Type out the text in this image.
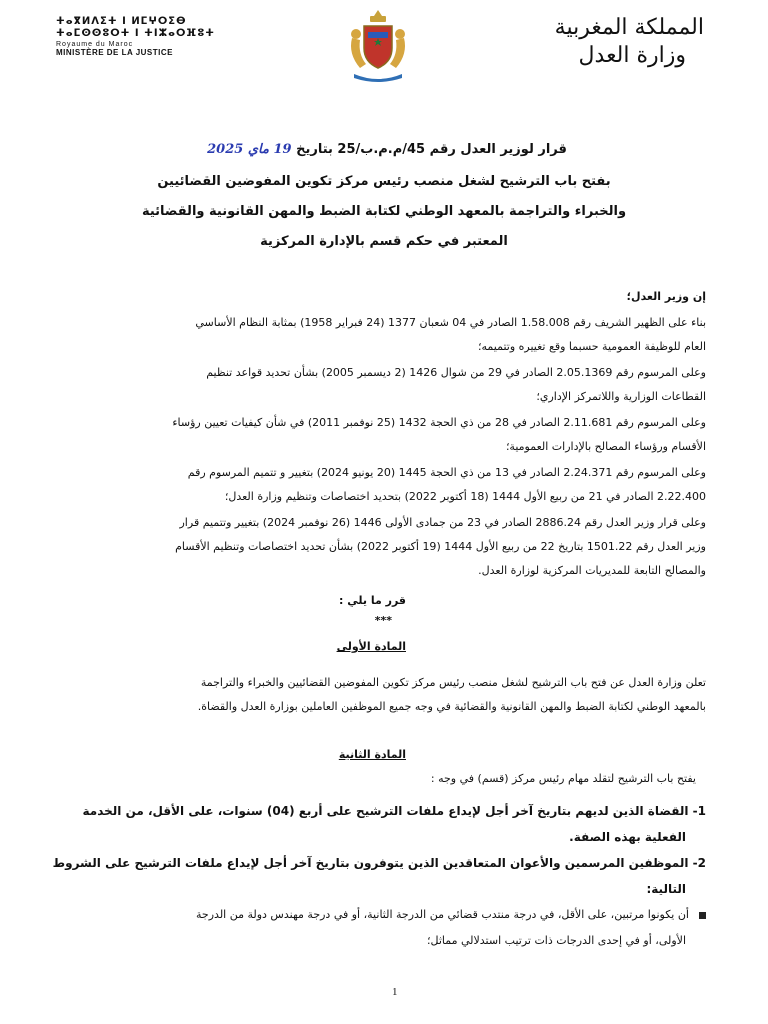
ⵜⴰⴳⵍⴷⵉⵜ ⵏ ⵍⵎⵖⵔⵉⴱ
ⵜⴰⵎⵙⵙⵓⵔⵜ ⵏ ⵜⵏⵣⴰⵔⴼⵓⵜ
Royaume du Maroc
MINISTÈRE DE LA JUSTICE
المملكة المغربية
وزارة العدل
قرار لوزير العدل رقم 45/م.م.ب/25 بتاريخ 19 ماي 2025
بفتح باب الترشيح لشغل منصب رئيس مركز تكوين المفوضين القضائيين
والخبراء والتراجمة بالمعهد الوطني لكتابة الضبط والمهن القانونية والقضائية
المعتبر في حكم قسم بالإدارة المركزية
إن وزير العدل؛
بناء على الظهير الشريف رقم 1.58.008 الصادر في 04 شعبان 1377 (24 فبراير 1958) بمثابة النظام الأساسي
العام للوظيفة العمومية حسبما وقع تغييره وتتميمه؛
وعلى المرسوم رقم 2.05.1369 الصادر في 29 من شوال 1426 (2 ديسمبر 2005) بشأن تحديد قواعد تنظيم
القطاعات الوزارية واللاتمركز الإداري؛
وعلى المرسوم رقم 2.11.681 الصادر في 28 من ذي الحجة 1432 (25 نوفمبر 2011) في شأن كيفيات تعيين رؤساء
الأقسام ورؤساء المصالح بالإدارات العمومية؛
وعلى المرسوم رقم 2.24.371 الصادر في 13 من ذي الحجة 1445 (20 يونيو 2024) بتغيير و تتميم المرسوم رقم
2.22.400 الصادر في 21 من ربيع الأول 1444 (18 أكتوبر 2022) بتحديد اختصاصات وتنظيم وزارة العدل؛
وعلى قرار وزير العدل رقم 2886.24 الصادر في 23 من جمادى الأولى 1446 (26 نوفمبر 2024) بتغيير وتتميم قرار
وزير العدل رقم 1501.22 بتاريخ 22 من ربيع الأول 1444 (19 أكتوبر 2022) بشأن تحديد اختصاصات وتنظيم الأقسام
والمصالح التابعة للمديريات المركزية لوزارة العدل.
قرر ما يلي :
***
المادة الأولى
تعلن وزارة العدل عن فتح باب الترشيح لشغل منصب رئيس مركز تكوين المفوضين القضائيين والخبراء والتراجمة
بالمعهد الوطني لكتابة الضبط والمهن القانونية والقضائية في وجه جميع الموظفين العاملين بوزارة العدل والقضاة.
المادة الثانية
يفتح باب الترشيح لتقلد مهام رئيس مركز (قسم) في وجه :
1- القضاة الذين لديهم بتاريخ آخر أجل لإيداع ملفات الترشيح على أربع (04) سنوات، على الأقل، من الخدمة
الفعلية بهذه الصفة.
2- الموظفين المرسمين والأعوان المتعاقدين الذين يتوفرون بتاريخ آخر أجل لإيداع ملفات الترشيح على الشروط
التالية:
أن يكونوا مرتبين، على الأقل، في درجة منتدب قضائي من الدرجة الثانية، أو في درجة مهندس دولة من الدرجة
الأولى، أو في إحدى الدرجات ذات ترتيب استدلالي مماثل؛
1
